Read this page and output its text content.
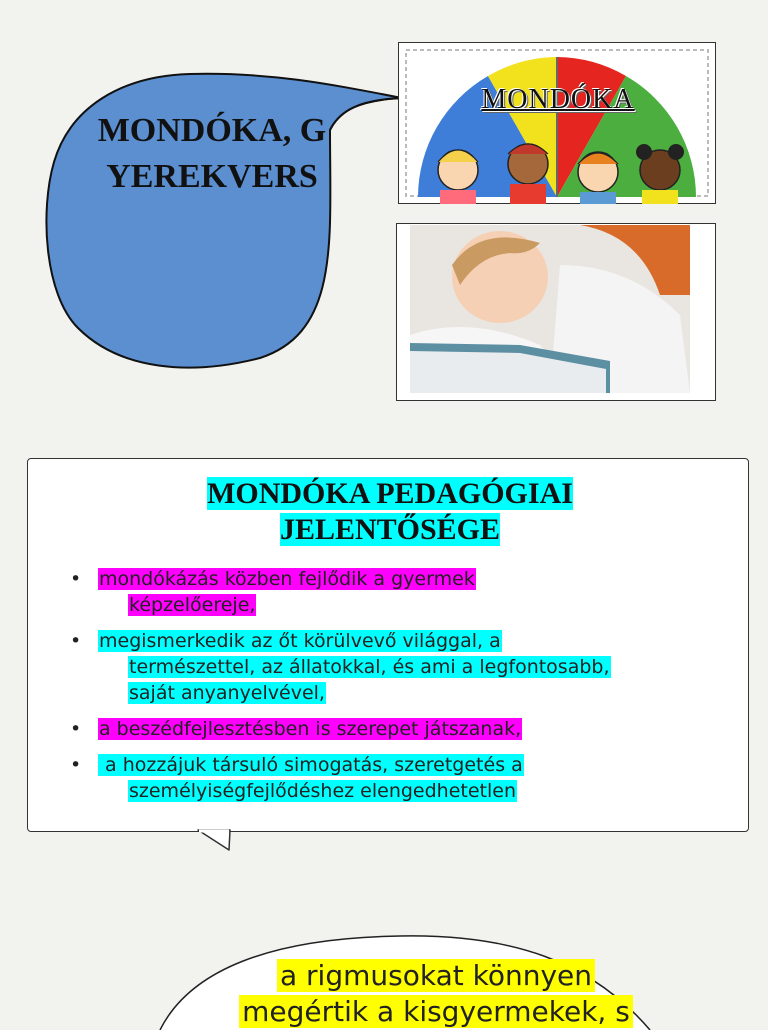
MONDÓKA, GYEREKVERS
MONDÓKA
MONDÓKA PEDAGÓGIAI
JELENTŐSÉGE
• mondókázás közben fejlődik a gyermek
képzelőereje,
• megismerkedik az őt körülvevő világgal, a
természettel, az állatokkal, és ami a legfontosabb,
saját anyanyelvével,
• a beszédfejlesztésben is szerepet játszanak,
• a hozzájuk társuló simogatás, szeretgetés a
személyiségfejlődéshez elengedhetetlen
a rigmusokat könnyen
megértik a kisgyermekek, s
